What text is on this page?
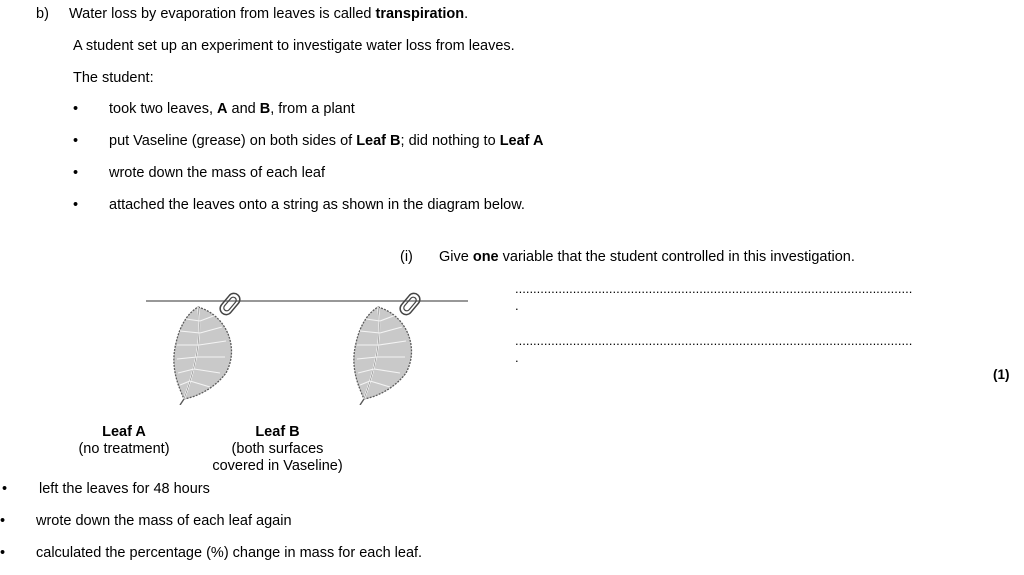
b) Water loss by evaporation from leaves is called transpiration.
A student set up an experiment to investigate water loss from leaves.
The student:
• took two leaves, A and B, from a plant
• put Vaseline (grease) on both sides of Leaf B; did nothing to Leaf A
• wrote down the mass of each leaf
• attached the leaves onto a string as shown in the diagram below.
(i) Give one variable that the student controlled in this investigation.
..............................................................................................................
.
..............................................................................................................
.
(1)
Leaf A
(no treatment)
Leaf B
(both surfaces
covered in Vaseline)
• left the leaves for 48 hours
• wrote down the mass of each leaf again
• calculated the percentage (%) change in mass for each leaf.
